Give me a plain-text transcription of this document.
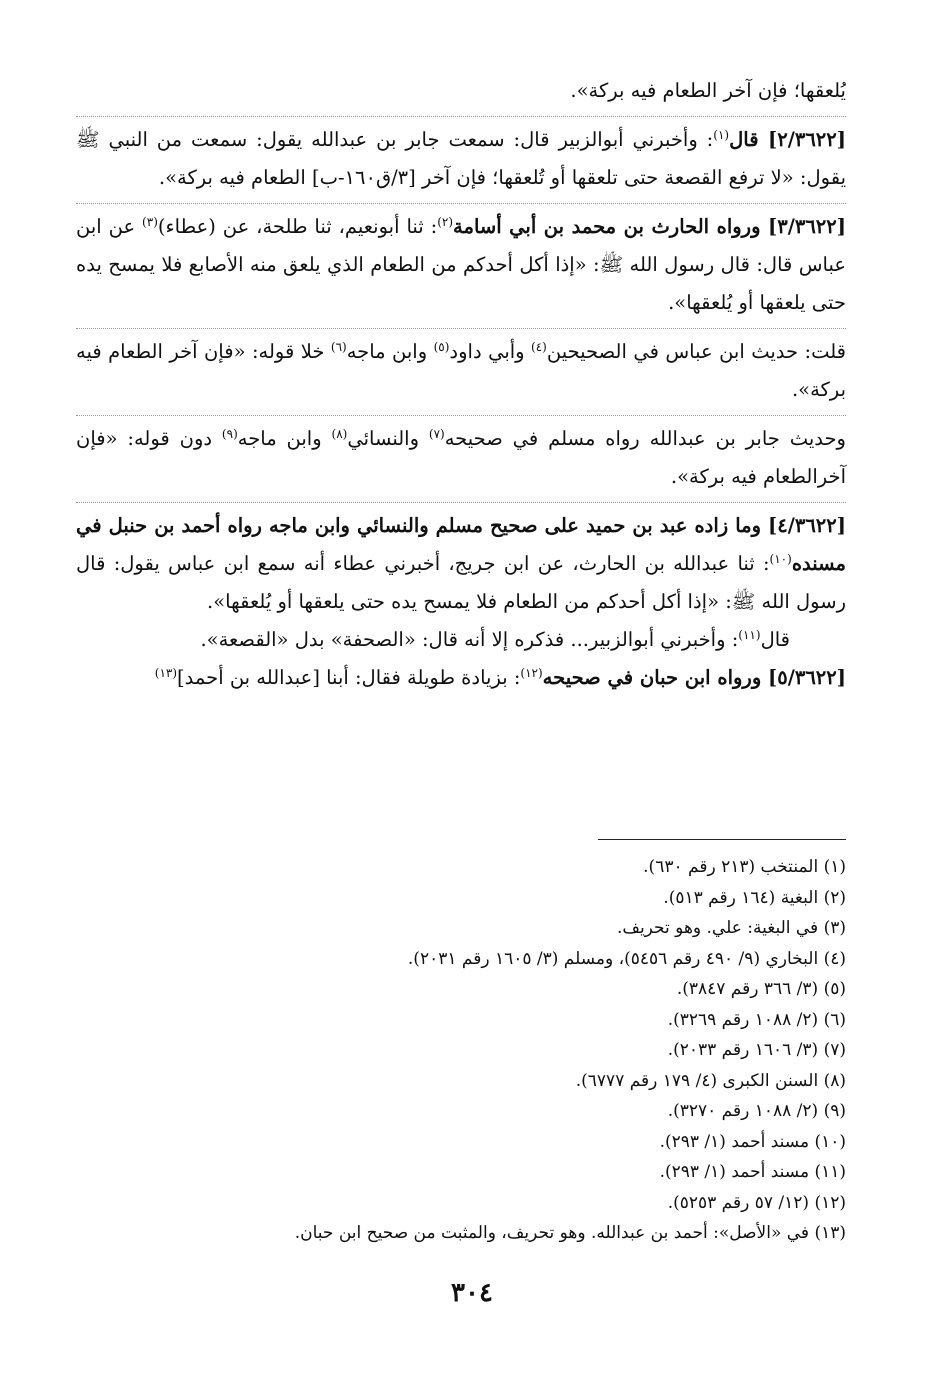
يُلعقها؛ فإن آخر الطعام فيه بركة».

[٢/٣٦٢٢] قال$^{(١)}$: وأخبرني أبوالزبير قال: سمعت جابر بن عبدالله يقول: سمعت من النبي ﷺ يقول: «لا ترفع القصعة حتى تلعقها أو تُلعقها؛ فإن آخر [٣/ق١٦٠-ب] الطعام فيه بركة».

[٣/٣٦٢٢] ورواه الحارث بن محمد بن أبي أسامة$^{(٢)}$: ثنا أبونعيم، ثنا طلحة، عن (عطاء)$^{(٣)}$ عن ابن عباس قال: قال رسول الله ﷺ: «إذا أكل أحدكم من الطعام الذي يلعق منه الأصابع فلا يمسح يده حتى يلعقها أو يُلعقها».

قلت: حديث ابن عباس في الصحيحين$^{(٤)}$ وأبي داود$^{(٥)}$ وابن ماجه$^{(٦)}$ خلا قوله: «فإن آخر الطعام فيه بركة».

وحديث جابر بن عبدالله رواه مسلم في صحيحه$^{(٧)}$ والنسائي$^{(٨)}$ وابن ماجه$^{(٩)}$ دون قوله: «فإن آخرالطعام فيه بركة».

[٤/٣٦٢٢] وما زاده عبد بن حميد على صحيح مسلم والنسائي وابن ماجه رواه أحمد بن حنبل في مسنده$^{(١٠)}$: ثنا عبدالله بن الحارث، عن ابن جريج، أخبرني عطاء أنه سمع ابن عباس يقول: قال رسول الله ﷺ: «إذا أكل أحدكم من الطعام فلا يمسح يده حتى يلعقها أو يُلعقها».

قال$^{(١١)}$: وأخبرني أبوالزبير... فذكره إلا أنه قال: «الصحفة» بدل «القصعة».

[٥/٣٦٢٢] ورواه ابن حبان في صحيحه$^{(١٢)}$: بزيادة طويلة فقال: أبنا [عبدالله بن أحمد]$^{(١٣)}$

(١) المنتخب (٢١٣ رقم ٦٣٠).
(٢) البغية (١٦٤ رقم ٥١٣).
(٣) في البغية: علي. وهو تحريف.
(٤) البخاري (٩/ ٤٩٠ رقم ٥٤٥٦)، ومسلم (٣/ ١٦٠٥ رقم ٢٠٣١).
(٥) (٣/ ٣٦٦ رقم ٣٨٤٧).
(٦) (٢/ ١٠٨٨ رقم ٣٢٦٩).
(٧) (٣/ ١٦٠٦ رقم ٢٠٣٣).
(٨) السنن الكبرى (٤/ ١٧٩ رقم ٦٧٧٧).
(٩) (٢/ ١٠٨٨ رقم ٣٢٧٠).
(١٠) مسند أحمد (١/ ٢٩٣).
(١١) مسند أحمد (١/ ٢٩٣).
(١٢) (١٢/ ٥٧ رقم ٥٢٥٣).
(١٣) في «الأصل»: أحمد بن عبدالله. وهو تحريف، والمثبت من صحيح ابن حبان.
٣٠٤
